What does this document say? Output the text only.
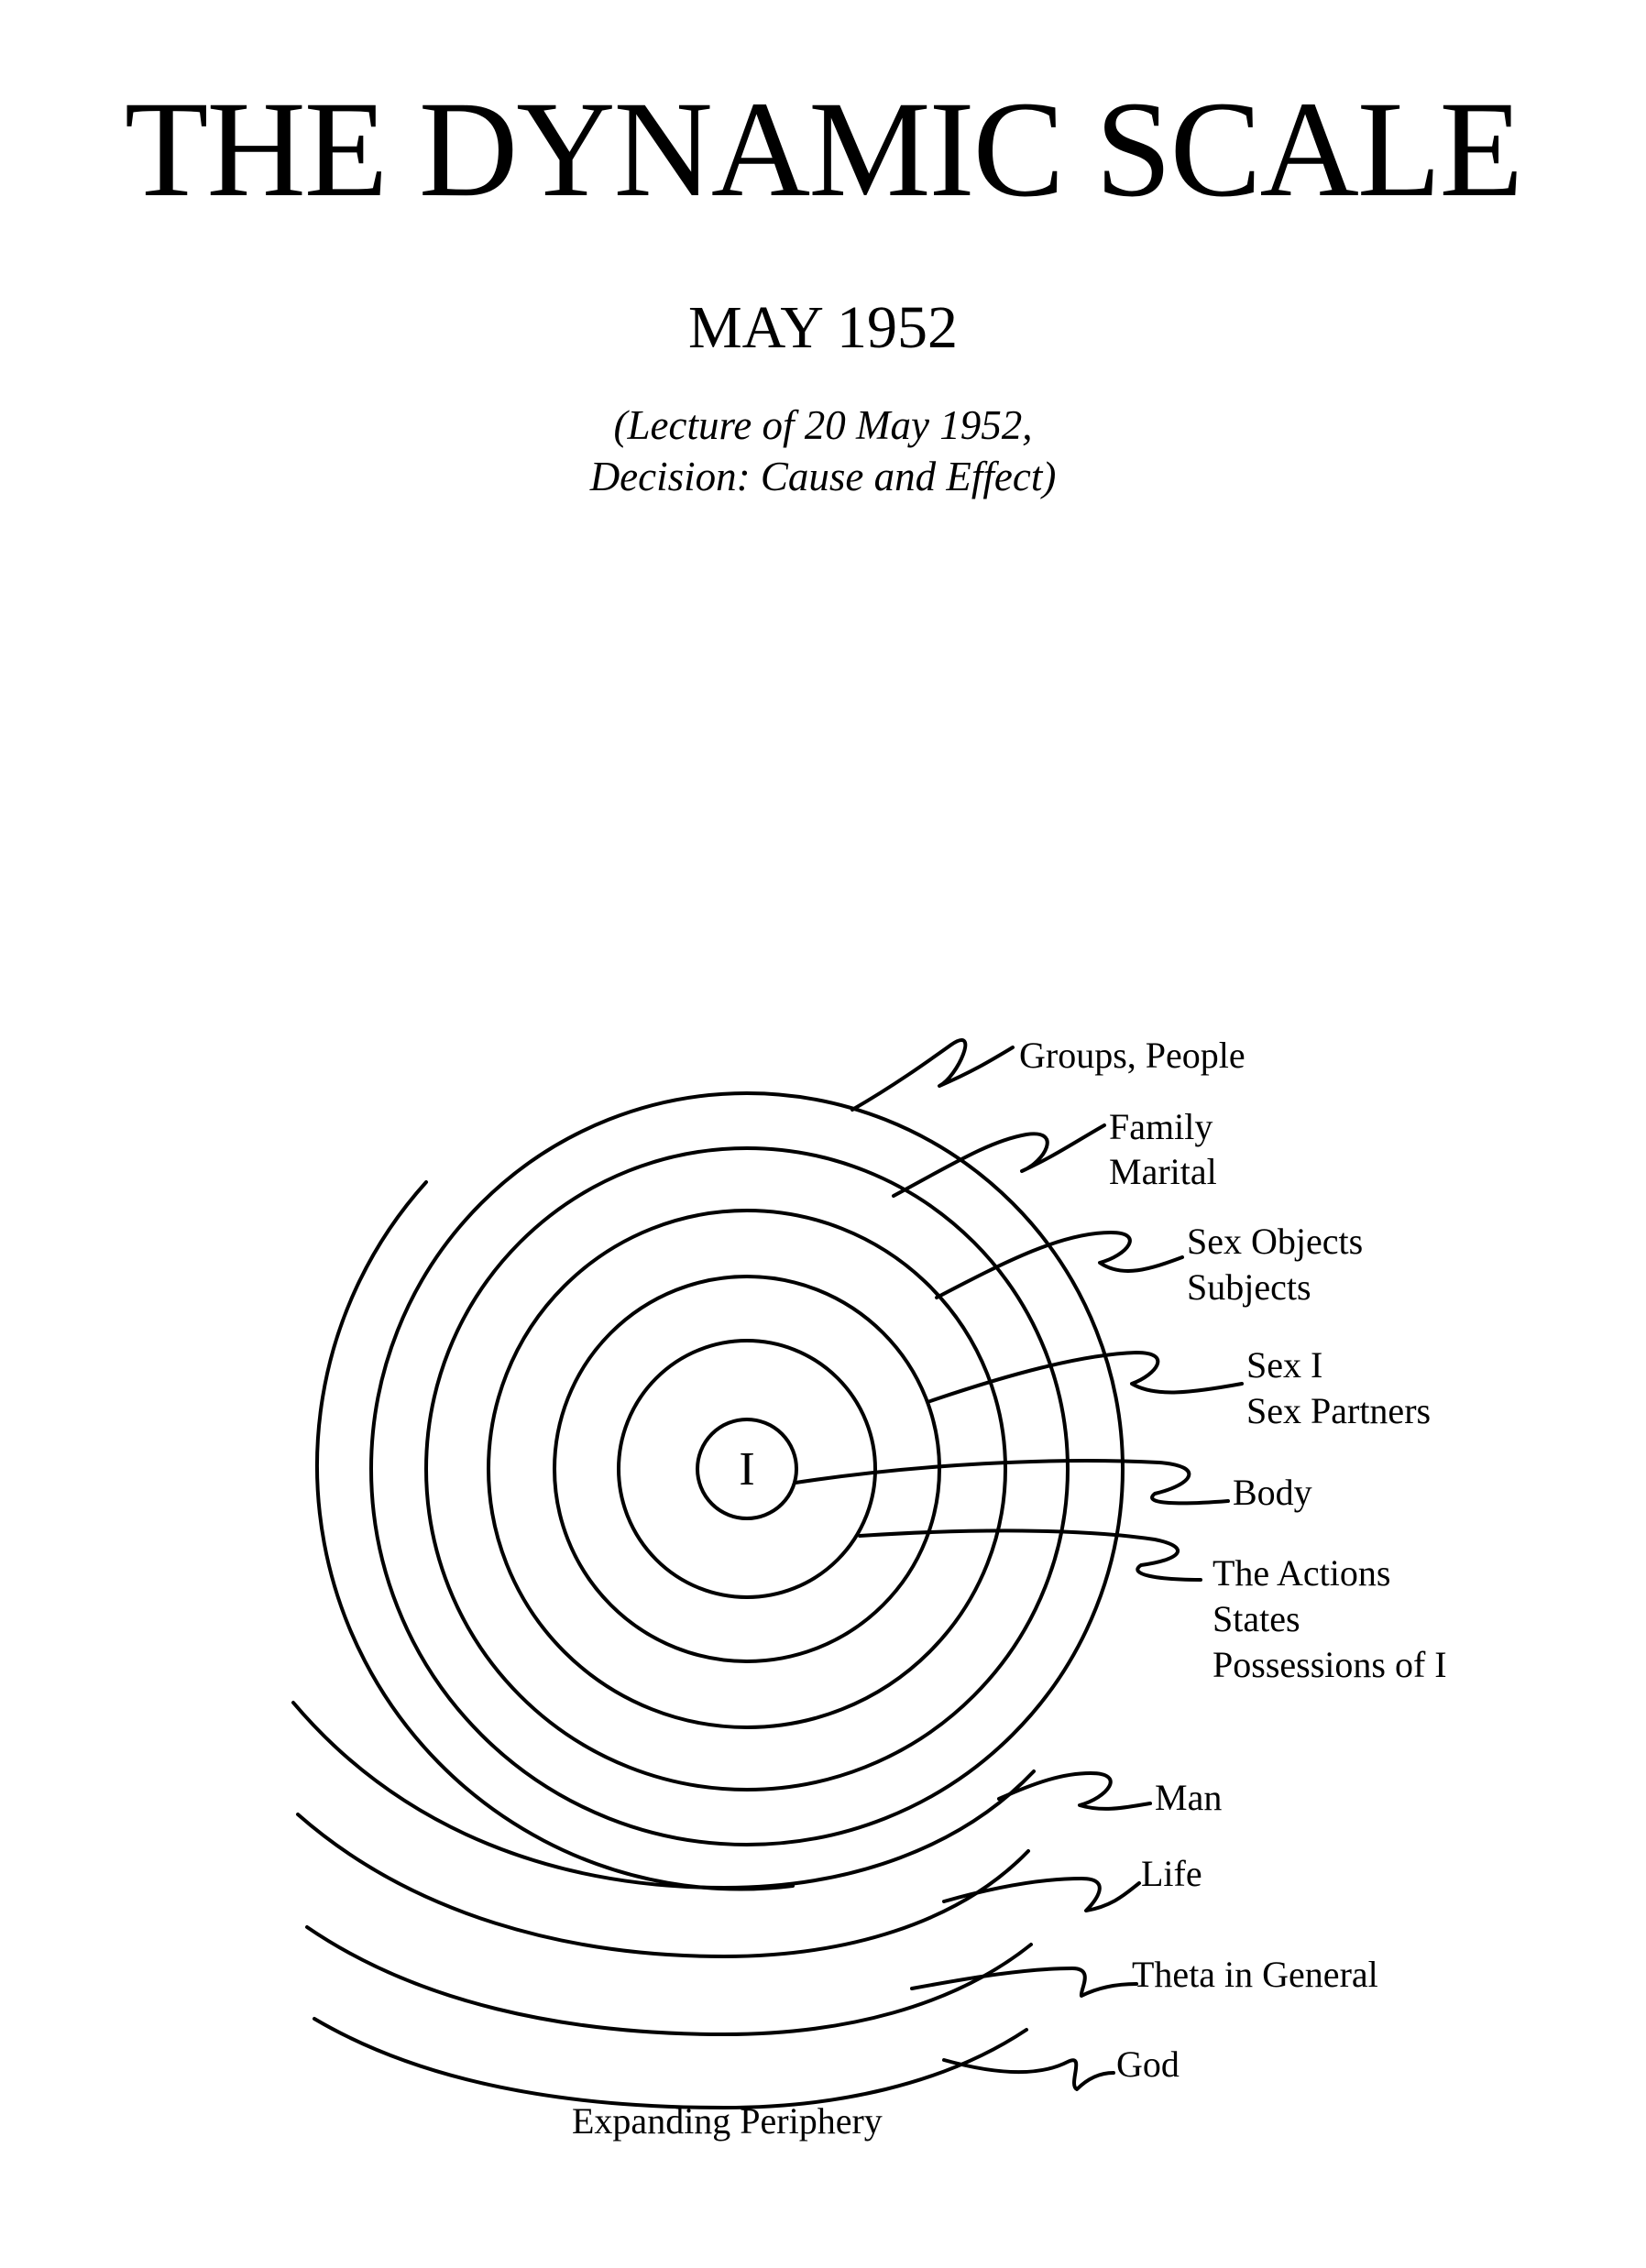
THE DYNAMIC SCALE
MAY 1952
(Lecture of 20 May 1952,
Decision: Cause and Effect)
I
Groups, People
Family
Marital
Sex Objects
Subjects
Sex I
Sex Partners
Body
The Actions
States
Possessions of I
Man
Life
Theta in General
God
Expanding Periphery
